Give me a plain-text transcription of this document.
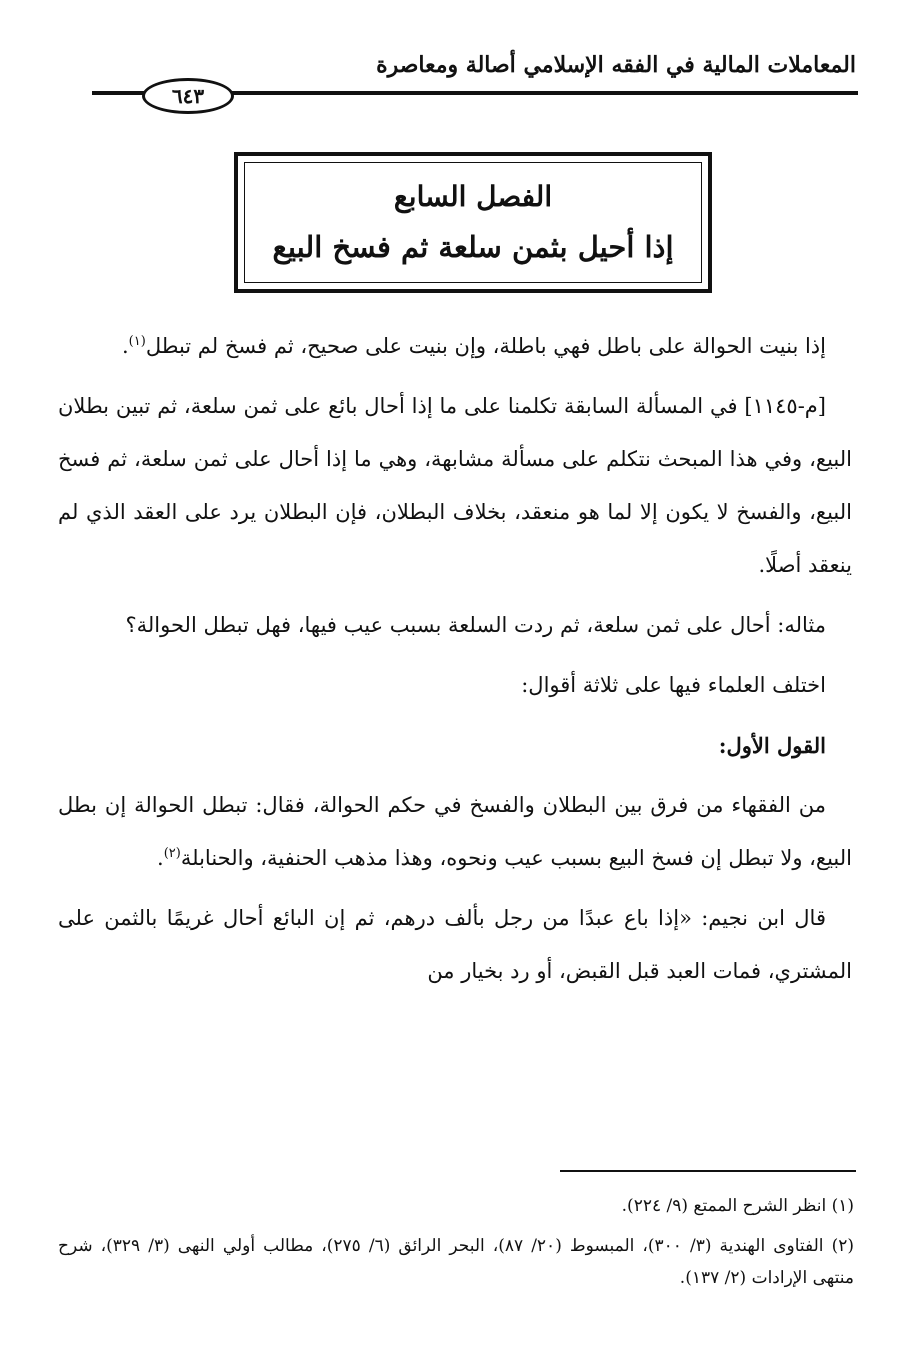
المعاملات المالية في الفقه الإسلامي أصالة ومعاصرة
٦٤٣
الفصل السابع
إذا أحيل بثمن سلعة ثم فسخ البيع

إذا بنيت الحوالة على باطل فهي باطلة، وإن بنيت على صحيح، ثم فسخ لم تبطل$^{(١)}$.

[م-١١٤٥] في المسألة السابقة تكلمنا على ما إذا أحال بائع على ثمن سلعة، ثم تبين بطلان البيع، وفي هذا المبحث نتكلم على مسألة مشابهة، وهي ما إذا أحال على ثمن سلعة، ثم فسخ البيع، والفسخ لا يكون إلا لما هو منعقد، بخلاف البطلان، فإن البطلان يرد على العقد الذي لم ينعقد أصلًا.

مثاله: أحال على ثمن سلعة، ثم ردت السلعة بسبب عيب فيها، فهل تبطل الحوالة؟

اختلف العلماء فيها على ثلاثة أقوال:

القول الأول:

من الفقهاء من فرق بين البطلان والفسخ في حكم الحوالة، فقال: تبطل الحوالة إن بطل البيع، ولا تبطل إن فسخ البيع بسبب عيب ونحوه، وهذا مذهب الحنفية، والحنابلة$^{(٢)}$.

قال ابن نجيم: «إذا باع عبدًا من رجل بألف درهم، ثم إن البائع أحال غريمًا بالثمن على المشتري، فمات العبد قبل القبض، أو رد بخيار من

(١) انظر الشرح الممتع (٩/ ٢٢٤).

(٢) الفتاوى الهندية (٣/ ٣٠٠)، المبسوط (٢٠/ ٨٧)، البحر الرائق (٦/ ٢٧٥)، مطالب أولي النهى (٣/ ٣٢٩)، شرح منتهى الإرادات (٢/ ١٣٧).
